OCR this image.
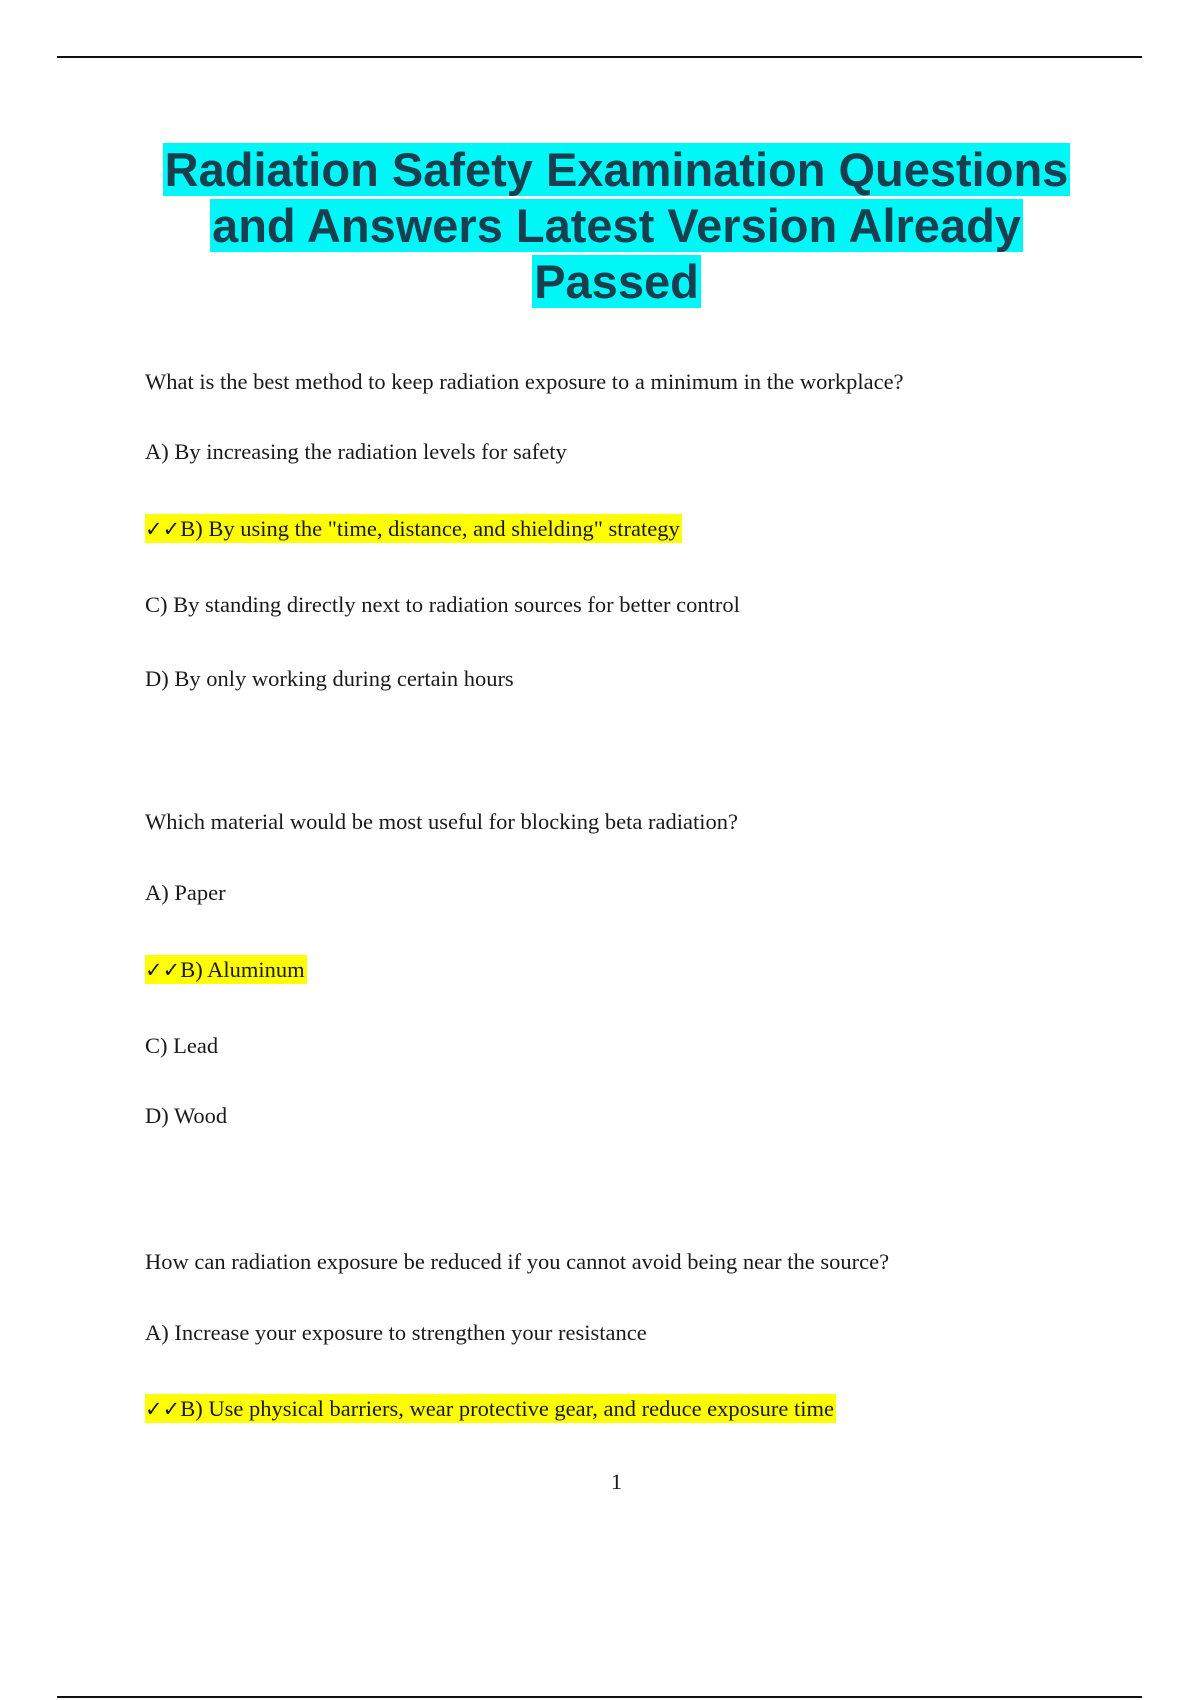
Radiation Safety Examination Questions
and Answers Latest Version Already
Passed

What is the best method to keep radiation exposure to a minimum in the workplace?

A) By increasing the radiation levels for safety

✓✓B) By using the "time, distance, and shielding" strategy

C) By standing directly next to radiation sources for better control

D) By only working during certain hours

Which material would be most useful for blocking beta radiation?

A) Paper

✓✓B) Aluminum

C) Lead

D) Wood

How can radiation exposure be reduced if you cannot avoid being near the source?

A) Increase your exposure to strengthen your resistance

✓✓B) Use physical barriers, wear protective gear, and reduce exposure time

1
